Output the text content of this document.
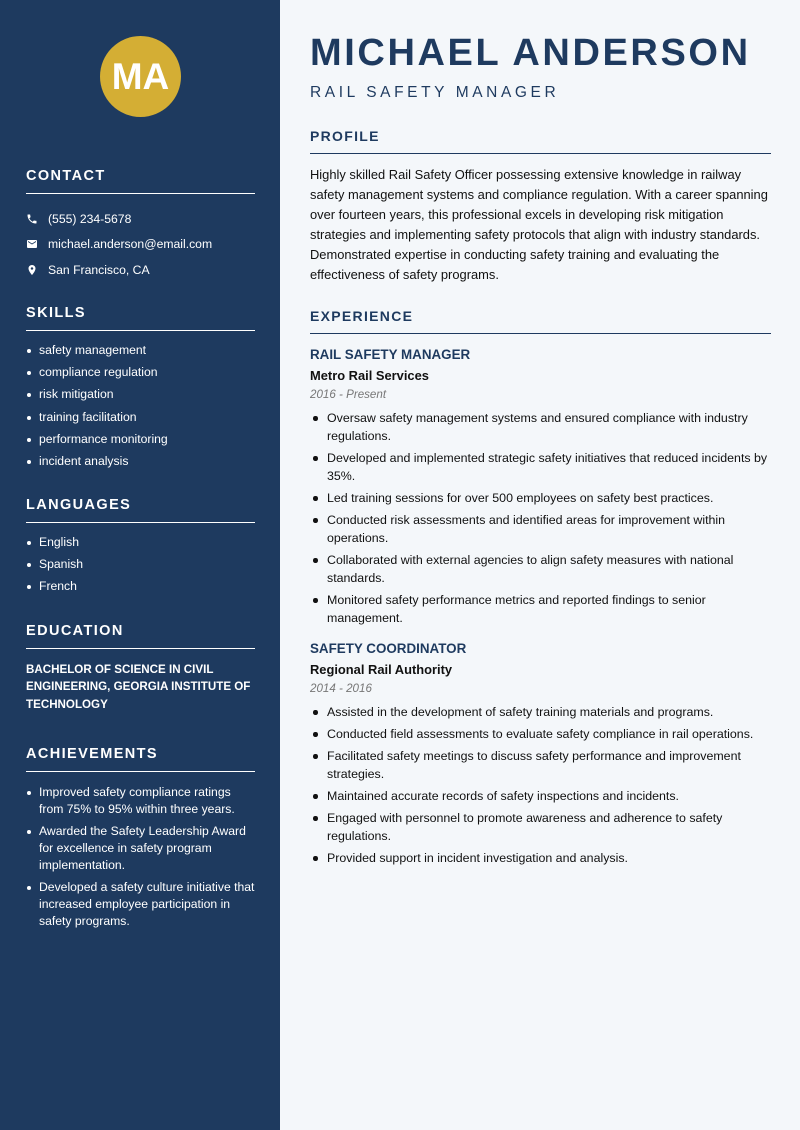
MA
CONTACT
(555) 234-5678
michael.anderson@email.com
San Francisco, CA
SKILLS
safety management
compliance regulation
risk mitigation
training facilitation
performance monitoring
incident analysis
LANGUAGES
English
Spanish
French
EDUCATION
BACHELOR OF SCIENCE IN CIVIL ENGINEERING, GEORGIA INSTITUTE OF TECHNOLOGY
ACHIEVEMENTS
Improved safety compliance ratings from 75% to 95% within three years.
Awarded the Safety Leadership Award for excellence in safety program implementation.
Developed a safety culture initiative that increased employee participation in safety programs.
MICHAEL ANDERSON
RAIL SAFETY MANAGER
PROFILE
Highly skilled Rail Safety Officer possessing extensive knowledge in railway safety management systems and compliance regulation. With a career spanning over fourteen years, this professional excels in developing risk mitigation strategies and implementing safety protocols that align with industry standards. Demonstrated expertise in conducting safety training and evaluating the effectiveness of safety programs.
EXPERIENCE
RAIL SAFETY MANAGER
Metro Rail Services
2016 - Present
Oversaw safety management systems and ensured compliance with industry regulations.
Developed and implemented strategic safety initiatives that reduced incidents by 35%.
Led training sessions for over 500 employees on safety best practices.
Conducted risk assessments and identified areas for improvement within operations.
Collaborated with external agencies to align safety measures with national standards.
Monitored safety performance metrics and reported findings to senior management.
SAFETY COORDINATOR
Regional Rail Authority
2014 - 2016
Assisted in the development of safety training materials and programs.
Conducted field assessments to evaluate safety compliance in rail operations.
Facilitated safety meetings to discuss safety performance and improvement strategies.
Maintained accurate records of safety inspections and incidents.
Engaged with personnel to promote awareness and adherence to safety regulations.
Provided support in incident investigation and analysis.
